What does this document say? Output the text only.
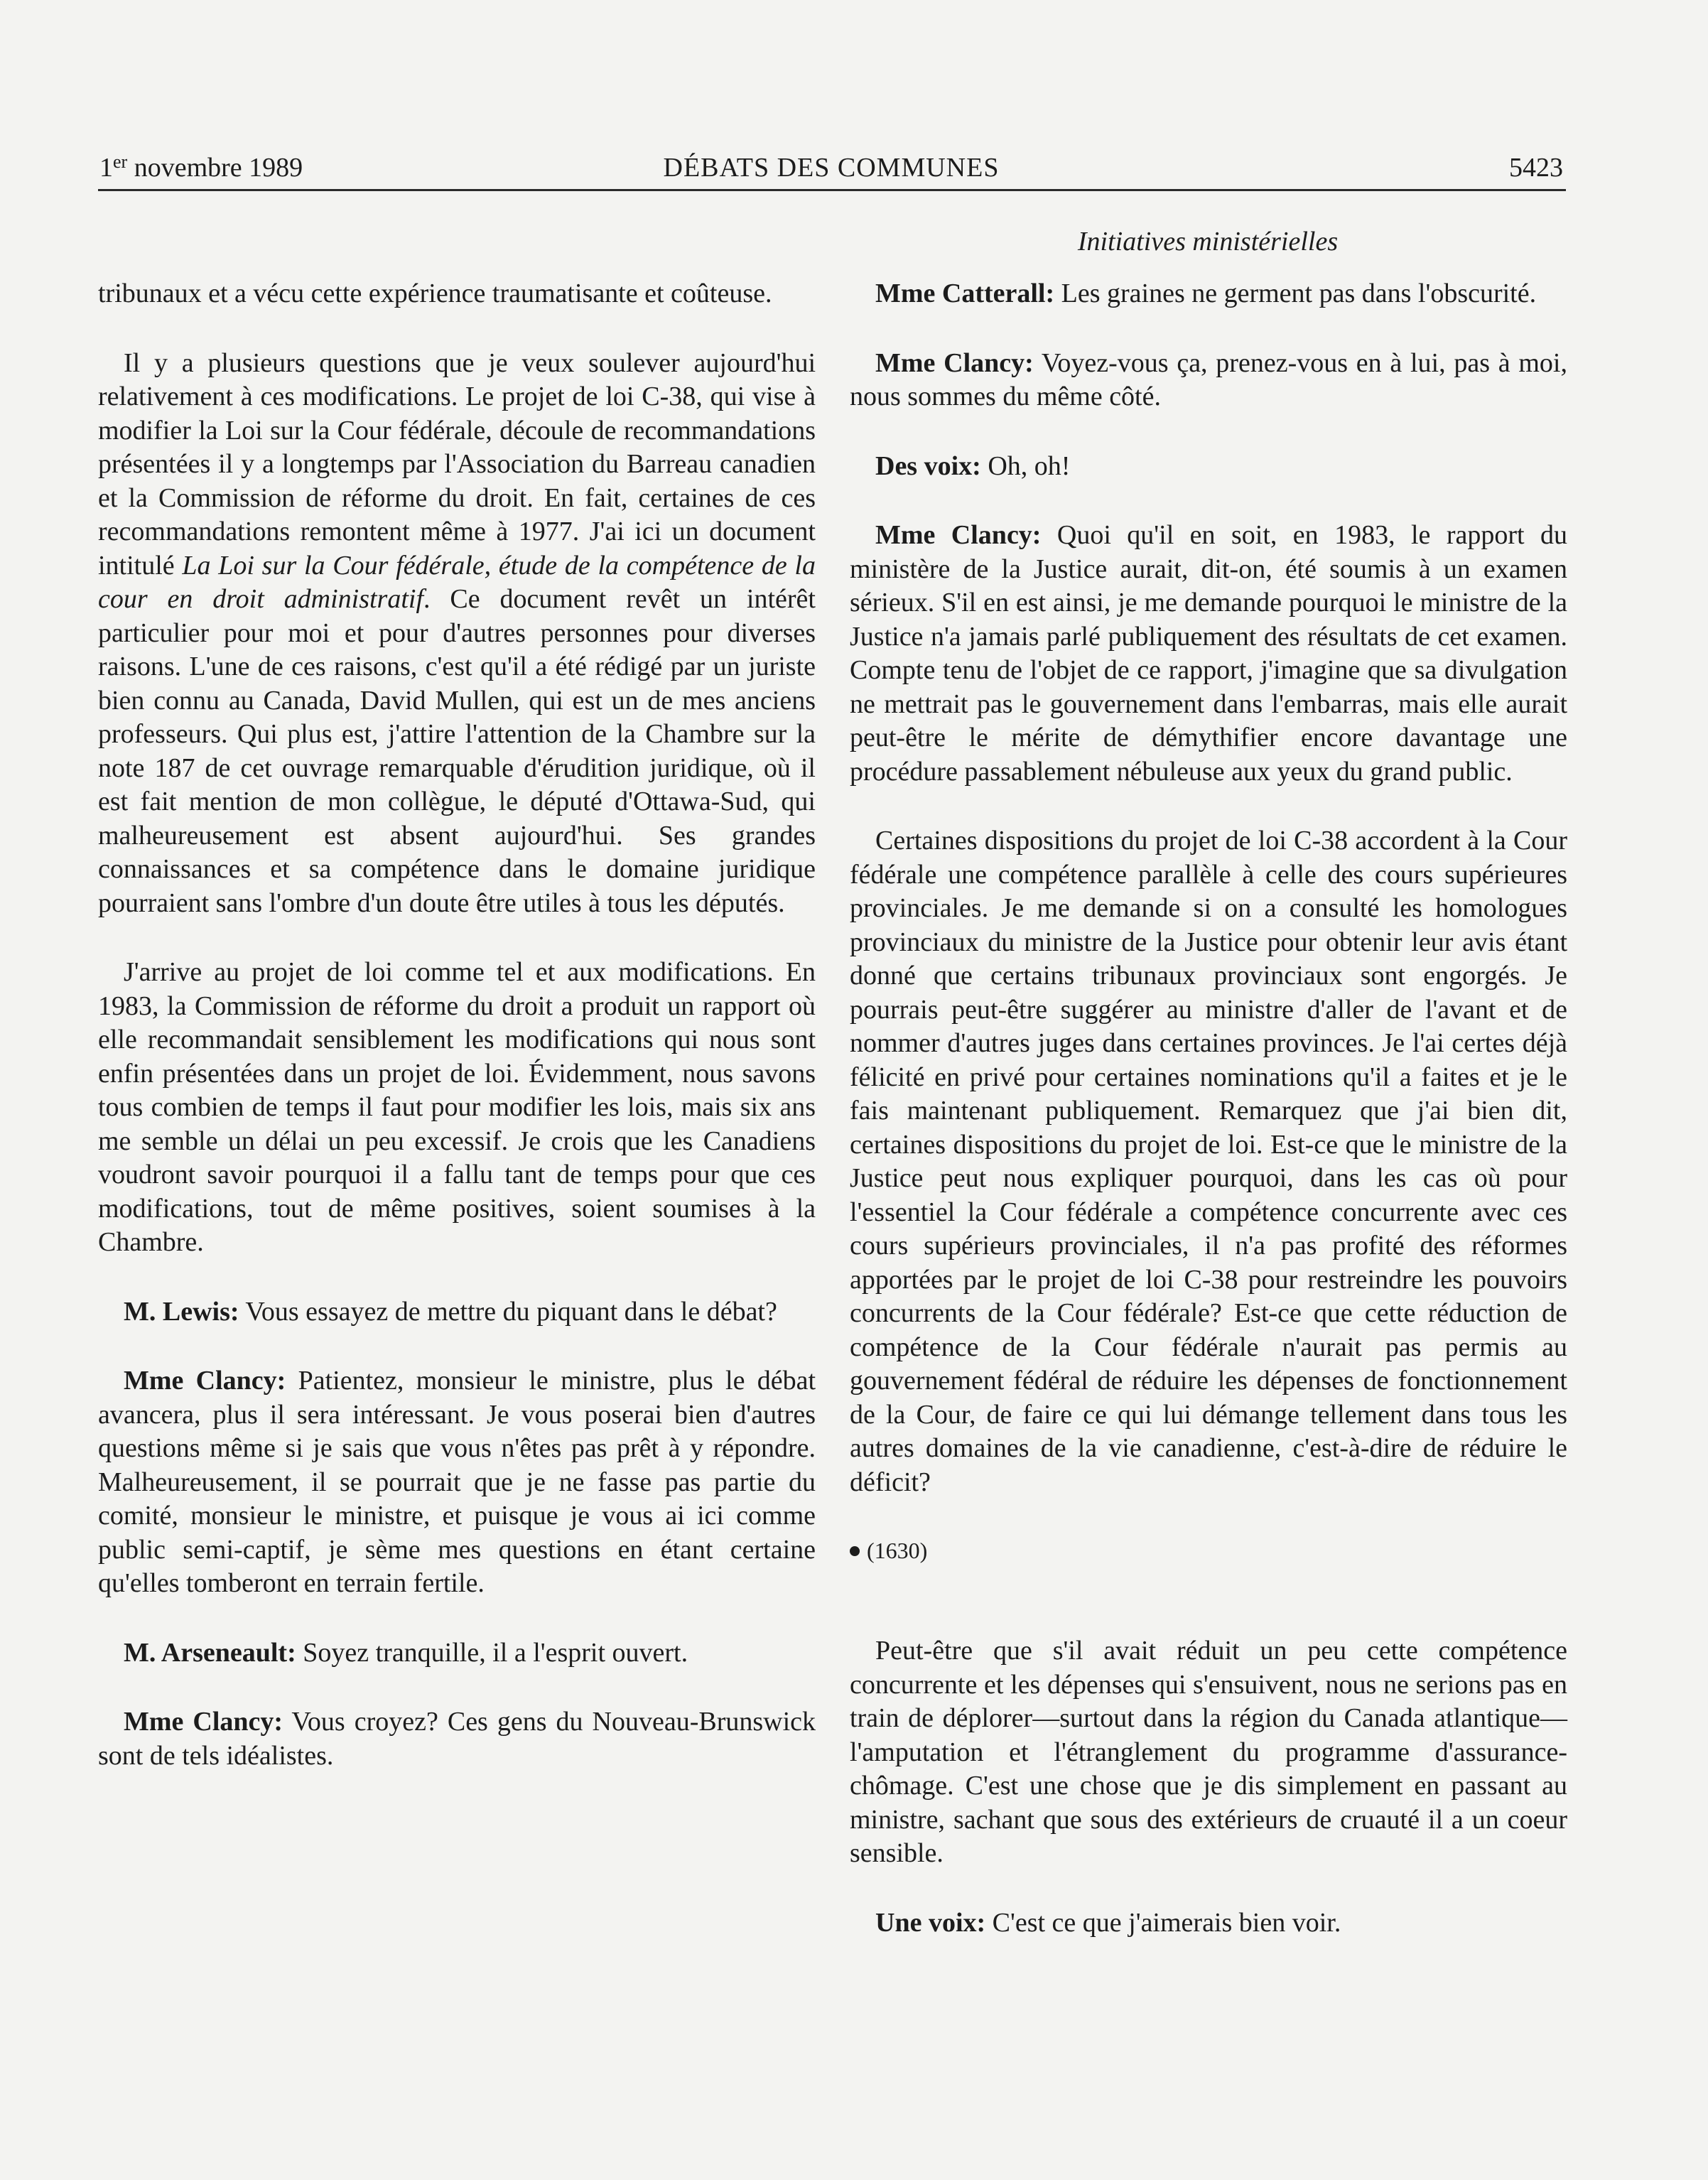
1er novembre 1989	DÉBATS DES COMMUNES	5423
Initiatives ministérielles

tribunaux et a vécu cette expérience traumatisante et coûteuse.

Il y a plusieurs questions que je veux soulever aujourd'hui relativement à ces modifications. Le projet de loi C-38, qui vise à modifier la Loi sur la Cour fédérale, découle de recommandations présentées il y a longtemps par l'Association du Barreau canadien et la Commission de réforme du droit. En fait, certaines de ces recommandations remontent même à 1977. J'ai ici un document intitulé La Loi sur la Cour fédérale, étude de la compétence de la cour en droit administratif. Ce document revêt un intérêt particulier pour moi et pour d'autres personnes pour diverses raisons. L'une de ces raisons, c'est qu'il a été rédigé par un juriste bien connu au Canada, David Mullen, qui est un de mes anciens professeurs. Qui plus est, j'attire l'attention de la Chambre sur la note 187 de cet ouvrage remarquable d'érudition juridique, où il est fait mention de mon collègue, le député d'Ottawa-Sud, qui malheureusement est absent aujourd'hui. Ses grandes connaissances et sa compétence dans le domaine juridique pourraient sans l'ombre d'un doute être utiles à tous les députés.

J'arrive au projet de loi comme tel et aux modifications. En 1983, la Commission de réforme du droit a produit un rapport où elle recommandait sensiblement les modifications qui nous sont enfin présentées dans un projet de loi. Évidemment, nous savons tous combien de temps il faut pour modifier les lois, mais six ans me semble un délai un peu excessif. Je crois que les Canadiens voudront savoir pourquoi il a fallu tant de temps pour que ces modifications, tout de même positives, soient soumises à la Chambre.

M. Lewis: Vous essayez de mettre du piquant dans le débat?

Mme Clancy: Patientez, monsieur le ministre, plus le débat avancera, plus il sera intéressant. Je vous poserai bien d'autres questions même si je sais que vous n'êtes pas prêt à y répondre. Malheureusement, il se pourrait que je ne fasse pas partie du comité, monsieur le ministre, et puisque je vous ai ici comme public semi-captif, je sème mes questions en étant certaine qu'elles tomberont en terrain fertile.

M. Arseneault: Soyez tranquille, il a l'esprit ouvert.

Mme Clancy: Vous croyez? Ces gens du Nouveau-Brunswick sont de tels idéalistes.

Mme Catterall: Les graines ne germent pas dans l'obscurité.

Mme Clancy: Voyez-vous ça, prenez-vous en à lui, pas à moi, nous sommes du même côté.

Des voix: Oh, oh!

Mme Clancy: Quoi qu'il en soit, en 1983, le rapport du ministère de la Justice aurait, dit-on, été soumis à un examen sérieux. S'il en est ainsi, je me demande pourquoi le ministre de la Justice n'a jamais parlé publiquement des résultats de cet examen. Compte tenu de l'objet de ce rapport, j'imagine que sa divulgation ne mettrait pas le gouvernement dans l'embarras, mais elle aurait peut-être le mérite de démythifier encore davantage une procédure passablement nébuleuse aux yeux du grand public.

Certaines dispositions du projet de loi C-38 accordent à la Cour fédérale une compétence parallèle à celle des cours supérieures provinciales. Je me demande si on a consulté les homologues provinciaux du ministre de la Justice pour obtenir leur avis étant donné que certains tribunaux provinciaux sont engorgés. Je pourrais peut-être suggérer au ministre d'aller de l'avant et de nommer d'autres juges dans certaines provinces. Je l'ai certes déjà félicité en privé pour certaines nominations qu'il a faites et je le fais maintenant publiquement. Remarquez que j'ai bien dit, certaines dispositions du projet de loi. Est-ce que le ministre de la Justice peut nous expliquer pourquoi, dans les cas où pour l'essentiel la Cour fédérale a compétence concurrente avec ces cours supérieurs provinciales, il n'a pas profité des réformes apportées par le projet de loi C-38 pour restreindre les pouvoirs concurrents de la Cour fédérale? Est-ce que cette réduction de compétence de la Cour fédérale n'aurait pas permis au gouvernement fédéral de réduire les dépenses de fonctionnement de la Cour, de faire ce qui lui démange tellement dans tous les autres domaines de la vie canadienne, c'est-à-dire de réduire le déficit?

(1630)

Peut-être que s'il avait réduit un peu cette compétence concurrente et les dépenses qui s'ensuivent, nous ne serions pas en train de déplorer—surtout dans la région du Canada atlantique—l'amputation et l'étranglement du programme d'assurance-chômage. C'est une chose que je dis simplement en passant au ministre, sachant que sous des extérieurs de cruauté il a un coeur sensible.

Une voix: C'est ce que j'aimerais bien voir.
